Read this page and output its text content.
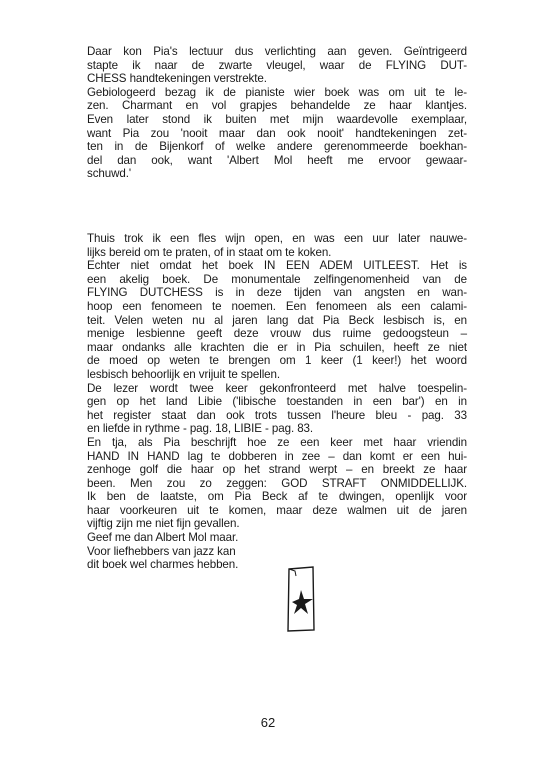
Daar kon Pia's lectuur dus verlichting aan geven. Geïntrigeerd
stapte ik naar de zwarte vleugel, waar de FLYING DUT-
CHESS handtekeningen verstrekte.
Gebiologeerd bezag ik de pianiste wier boek was om uit te le-
zen. Charmant en vol grapjes behandelde ze haar klantjes.
Even later stond ik buiten met mijn waardevolle exemplaar,
want Pia zou 'nooit maar dan ook nooit' handtekeningen zet-
ten in de Bijenkorf of welke andere gerenommeerde boekhan-
del dan ook, want 'Albert Mol heeft me ervoor gewaar-
schuwd.'
Thuis trok ik een fles wijn open, en was een uur later nauwe-
lijks bereid om te praten, of in staat om te koken.
Echter niet omdat het boek IN EEN ADEM UITLEEST. Het is
een akelig boek. De monumentale zelfingenomenheid van de
FLYING DUTCHESS is in deze tijden van angsten en wan-
hoop een fenomeen te noemen. Een fenomeen als een calami-
teit. Velen weten nu al jaren lang dat Pia Beck lesbisch is, en
menige lesbienne geeft deze vrouw dus ruime gedoogsteun –
maar ondanks alle krachten die er in Pia schuilen, heeft ze niet
de moed op weten te brengen om 1 keer (1 keer!) het woord
lesbisch behoorlijk en vrijuit te spellen.
De lezer wordt twee keer gekonfronteerd met halve toespelin-
gen op het land Libie ('libische toestanden in een bar') en in
het register staat dan ook trots tussen l'heure bleu - pag. 33
en liefde in rythme - pag. 18, LIBIE - pag. 83.
En tja, als Pia beschrijft hoe ze een keer met haar vriendin
HAND IN HAND lag te dobberen in zee – dan komt er een hui-
zenhoge golf die haar op het strand werpt – en breekt ze haar
been. Men zou zo zeggen: GOD STRAFT ONMIDDELLIJK.
Ik ben de laatste, om Pia Beck af te dwingen, openlijk voor
haar voorkeuren uit te komen, maar deze walmen uit de jaren
vijftig zijn me niet fijn gevallen.
Geef me dan Albert Mol maar.
Voor liefhebbers van jazz kan
dit boek wel charmes hebben.
62
